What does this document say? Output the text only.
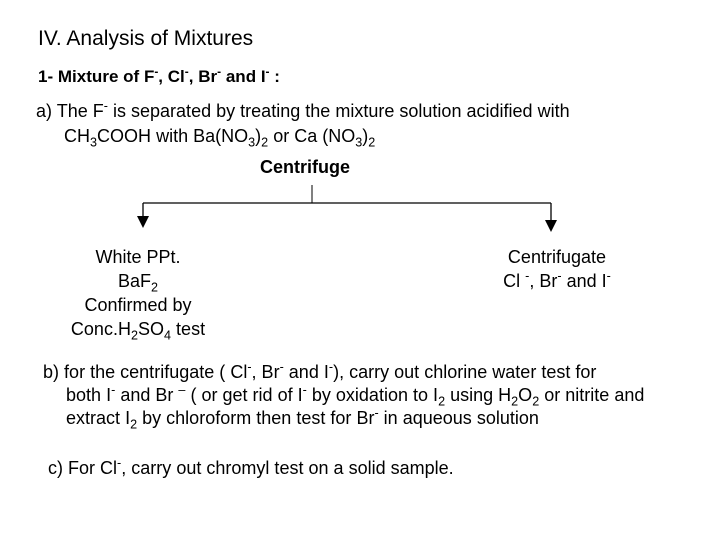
IV. Analysis of Mixtures
1- Mixture of F-, Cl-, Br- and I- :
a) The F- is separated by treating the mixture solution acidified with
$CH_3COOH$ with $Ba(NO_3)_2$ or Ca $(NO_3)_2$
Centrifuge
White PPt.
BaF$_2$
Confirmed by
$Conc.H_2SO_4$ test
Centrifugate
Cl -, Br- and I-
b) for the centrifugate ( Cl-, Br- and I-), carry out chlorine water test for
both I- and Br – ( or get rid of I- by oxidation to $I_2$ using $H_2O_2$ or nitrite and
extract $I_2$ by chloroform then test for Br- in aqueous solution
c) For Cl-, carry out chromyl test on a solid sample.
